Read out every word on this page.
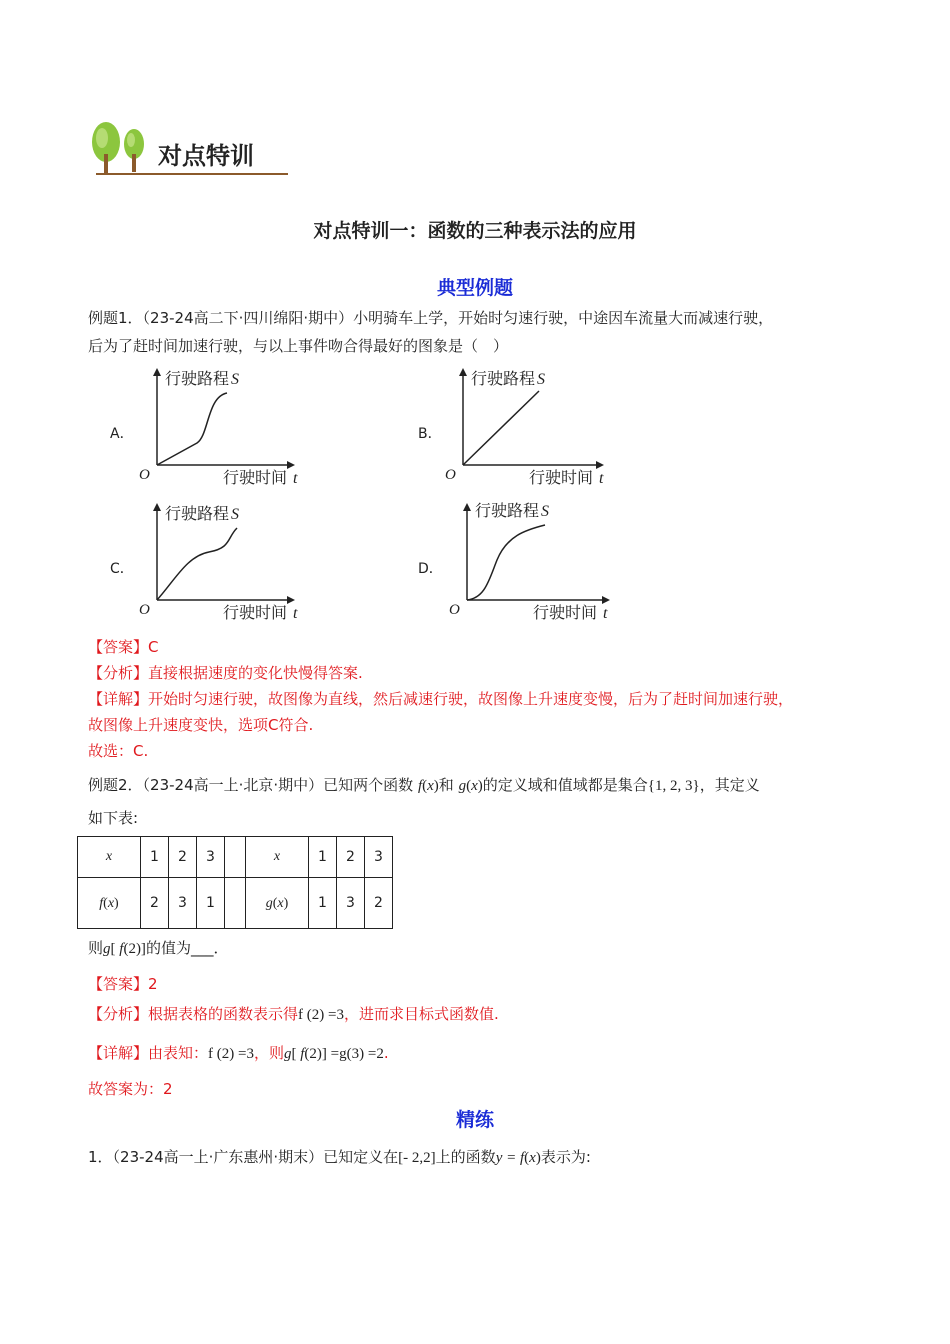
对点特训
对点特训一：函数的三种表示法的应用
典型例题
例题1．（23-24高二下·四川绵阳·期中）小明骑车上学，开始时匀速行驶，中途因车流量大而减速行驶，
后为了赶时间加速行驶，与以上事件吻合得最好的图象是（　）
A．
O
行驶路程 S
行驶时间 t
B．
O
行驶路程 S
行驶时间 t
C．
O
行驶路程 S
行驶时间 t
D．
O
行驶路程 S
行驶时间 t
【答案】C
【分析】直接根据速度的变化快慢得答案.
【详解】开始时匀速行驶，故图像为直线，然后减速行驶，故图像上升速度变慢，后为了赶时间加速行驶，
故图像上升速度变快，选项C符合.
故选：C.
例题2．（23-24高一上·北京·期中）已知两个函数 f(x)和 g(x)的定义域和值域都是集合{1, 2, 3}，其定义
如下表:
x	1	2	3		x	1	2	3
f(x)	2	3	1		g(x)	1	3	2
则g[ f(2)]的值为___．
【答案】2
【分析】根据表格的函数表示得f (2) =3，进而求目标式函数值.
【详解】由表知：f (2) =3，则g[ f(2)] =g(3) =2.
故答案为：2
精练
1．（23-24高一上·广东惠州·期末）已知定义在[- 2,2]上的函数y = f(x)表示为:
